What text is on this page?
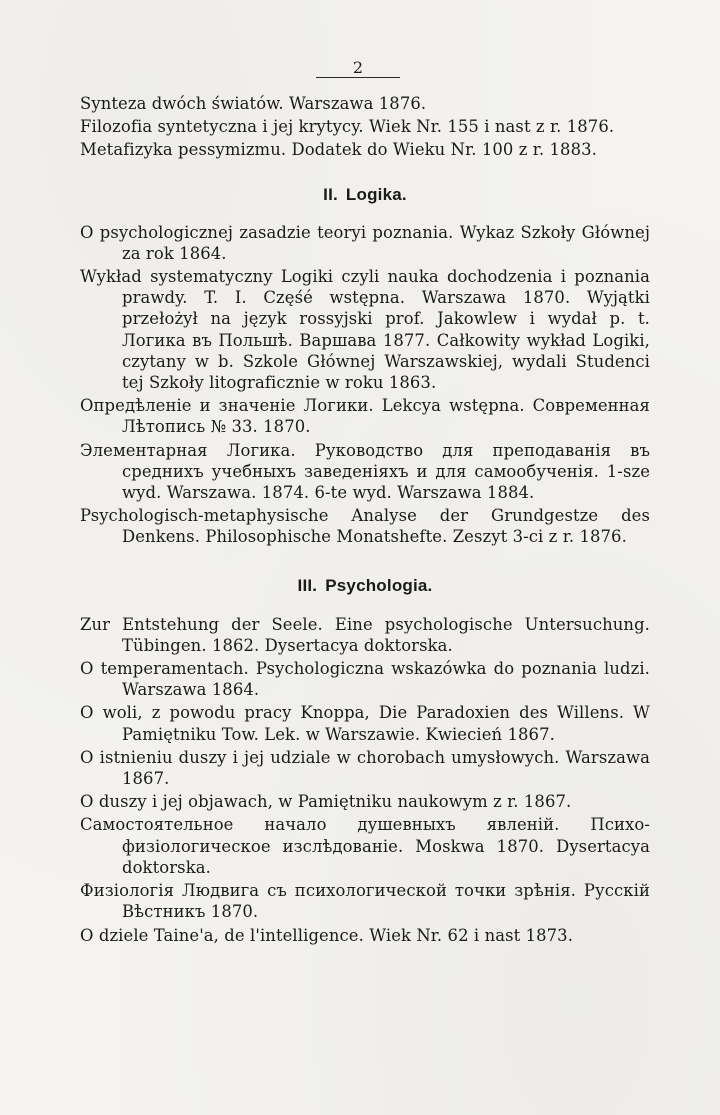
2

Synteza dwóch światów. Warszawa 1876.

Filozofia syntetyczna i jej krytycy. Wiek Nr. 155 i nast z r. 1876.

Metafizyka pessymizmu. Dodatek do Wieku Nr. 100 z r. 1883.

II. Logika.

O psychologicznej zasadzie teoryi poznania. Wykaz Szkoły Głównej za rok 1864.

Wykład systematyczny Logiki czyli nauka dochodzenia i poznania prawdy. T. I. Częśé wstępna. Warszawa 1870. Wyjątki przełożył na język rossyjski prof. Jakowlew i wydał p. t. Логика въ Польшѣ. Варшава 1877. Całkowity wykład Logiki, czytany w b. Szkole Głównej Warszawskiej, wydali Studenci tej Szkoły litograficznie w roku 1863.

Опредѣленіе и значеніе Логики. Lekcya wstępna. Современная Лѣтопись № 33. 1870.

Элементарная Логика. Руководство для преподаванія въ среднихъ учебныхъ заведеніяхъ и для самообученія. 1-sze wyd. Warszawa. 1874. 6-te wyd. Warszawa 1884.

Psychologisch-metaphysische Analyse der Grundgestze des Denkens. Philosophische Monatshefte. Zeszyt 3-ci z r. 1876.

III. Psychologia.

Zur Entstehung der Seele. Eine psychologische Untersuchung. Tübingen. 1862. Dysertacya doktorska.

O temperamentach. Psychologiczna wskazówka do poznania ludzi. Warszawa 1864.

O woli, z powodu pracy Knoppa, Die Paradoxien des Willens. W Pamiętniku Tow. Lek. w Warszawie. Kwiecień 1867.

O istnieniu duszy i jej udziale w chorobach umysłowych. Warszawa 1867.

O duszy i jej objawach, w Pamiętniku naukowym z r. 1867.

Самостоятельное начало душевныхъ явленій. Психо-физіологическое изслѣдованіе. Moskwa 1870. Dysertacya doktorska.

Физіологія Людвига съ психологической точки зрѣнія. Русскій Вѣстникъ 1870.

O dziele Taine'a, de l'intelligence. Wiek Nr. 62 i nast 1873.
